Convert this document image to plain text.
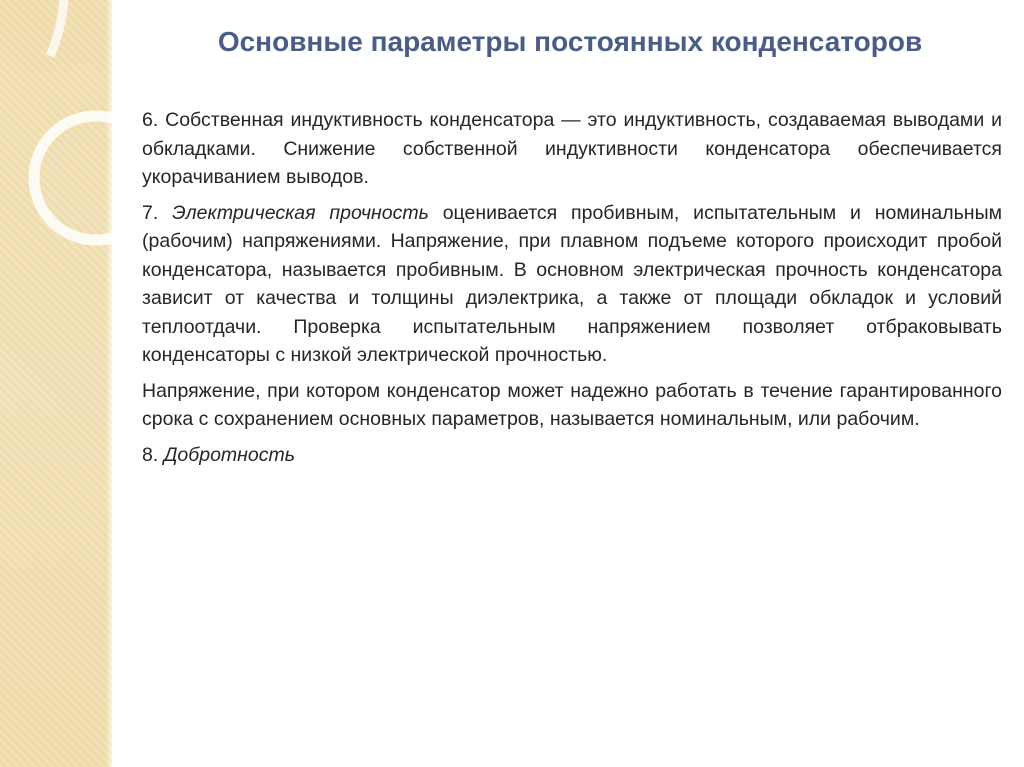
Основные параметры постоянных конденсаторов

6. Собственная индуктивность конденсатора — это индуктивность, создаваемая выводами и обкладками. Снижение собственной индуктивности конденсатора обеспечивается укорачиванием выводов.

7. Электрическая прочность оценивается пробивным, испытательным и номинальным (рабочим) напряжениями. Напряжение, при плавном подъеме которого происходит пробой конденсатора, называется пробивным. В основном электрическая прочность конденсатора зависит от качества и толщины диэлектрика, а также от площади обкладок и условий теплоотдачи. Проверка испытательным напряжением позволяет отбраковывать конденсаторы с низкой электрической прочностью.

Напряжение, при котором конденсатор может надежно работать в течение гарантированного срока с сохранением основных параметров, называется номинальным, или рабочим.

8. Добротность
